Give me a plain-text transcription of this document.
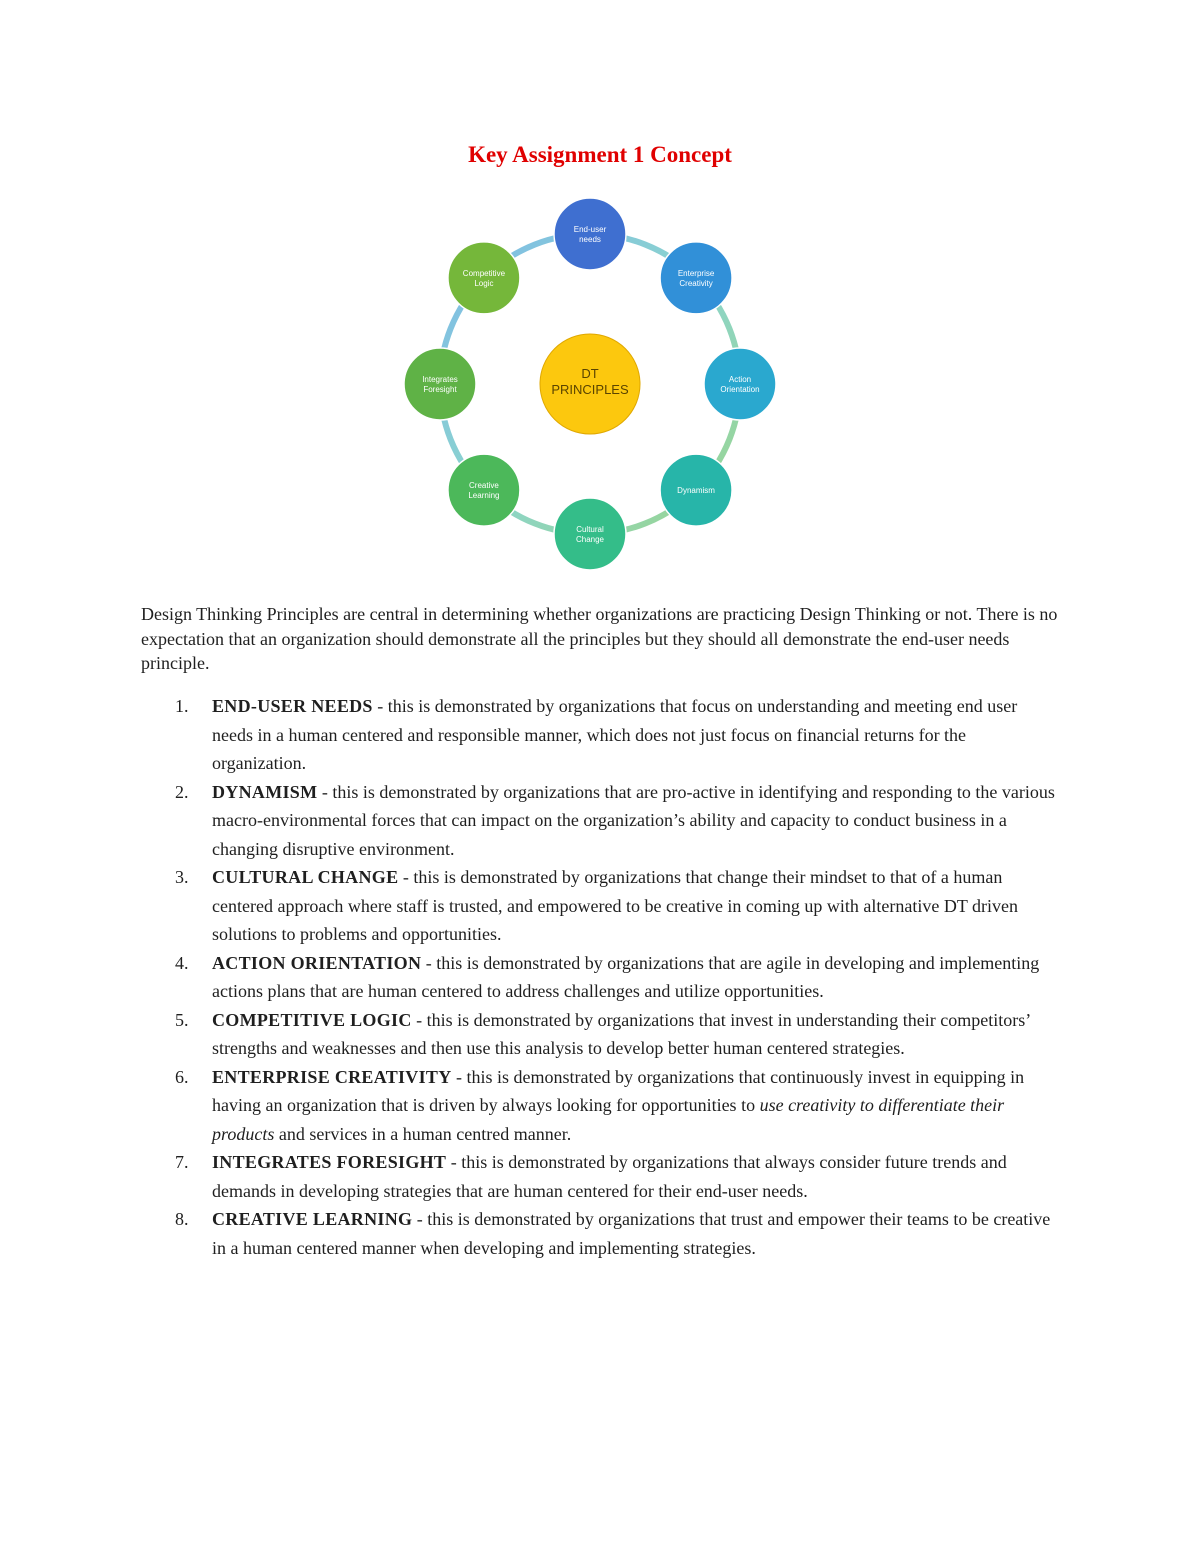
Key Assignment 1 Concept
DT
PRINCIPLES
End-user
needs
Enterprise
Creativity
Action
Orientation
Dynamism
Cultural
Change
Creative
Learning
Integrates
Foresight
Competitive
Logic

Design Thinking Principles are central in determining whether organizations are practicing Design Thinking or not. There is no expectation that an organization should demonstrate all the principles but they should all demonstrate the end-user needs principle.

1. END-USER NEEDS - this is demonstrated by organizations that focus on understanding and meeting end user needs in a human centered and responsible manner, which does not just focus on financial returns for the organization.
2. DYNAMISM - this is demonstrated by organizations that are pro-active in identifying and responding to the various macro-environmental forces that can impact on the organization’s ability and capacity to conduct business in a changing disruptive environment.
3. CULTURAL CHANGE - this is demonstrated by organizations that change their mindset to that of a human centered approach where staff is trusted, and empowered to be creative in coming up with alternative DT driven solutions to problems and opportunities.
4. ACTION ORIENTATION - this is demonstrated by organizations that are agile in developing and implementing actions plans that are human centered to address challenges and utilize opportunities.
5. COMPETITIVE LOGIC - this is demonstrated by organizations that invest in understanding their competitors’ strengths and weaknesses and then use this analysis to develop better human centered strategies.
6. ENTERPRISE CREATIVITY - this is demonstrated by organizations that continuously invest in equipping in having an organization that is driven by always looking for opportunities to use creativity to differentiate their products and services in a human centred manner.
7. INTEGRATES FORESIGHT - this is demonstrated by organizations that always consider future trends and demands in developing strategies that are human centered for their end-user needs.
8. CREATIVE LEARNING - this is demonstrated by organizations that trust and empower their teams to be creative in a human centered manner when developing and implementing strategies.
